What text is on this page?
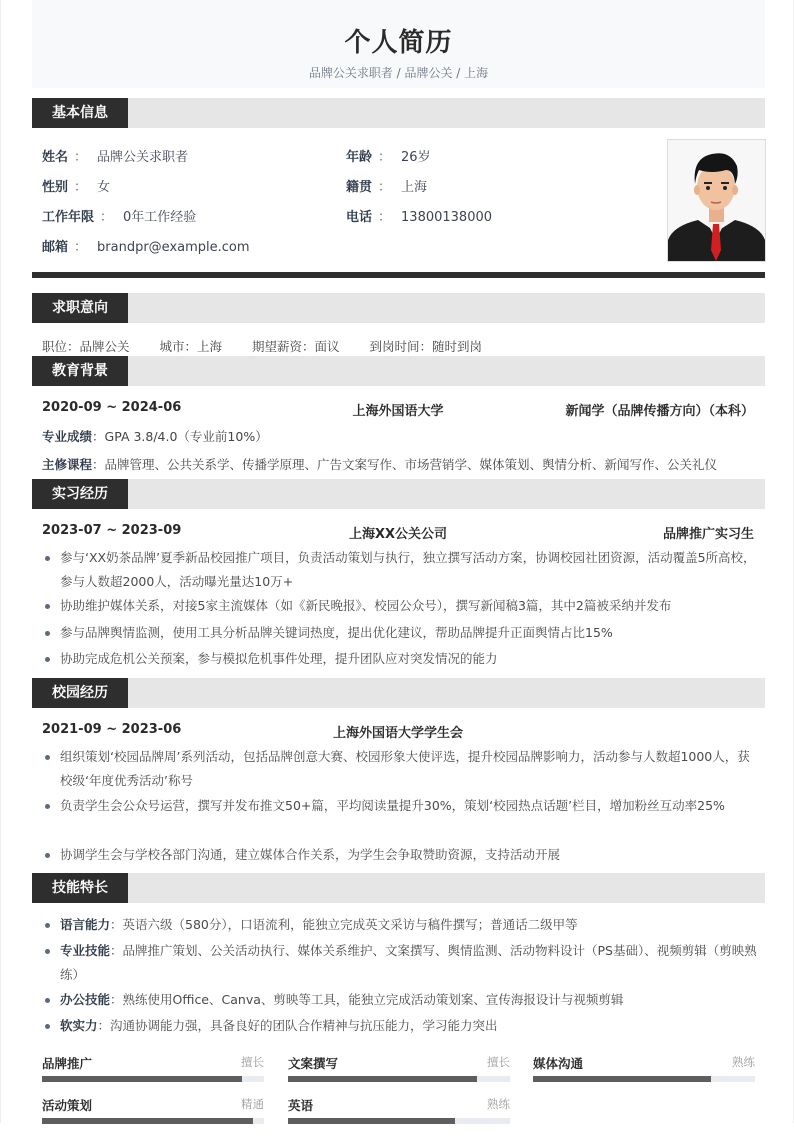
个人简历
品牌公关求职者 / 品牌公关 / 上海
基本信息
姓名 ： 品牌公关求职者
性别 ： 女
工作年限 ： 0年工作经验
邮箱 ： brandpr@example.com
年龄 ： 26岁
籍贯 ： 上海
电话 ： 13800138000
求职意向
职位：品牌公关 城市：上海 期望薪资：面议 到岗时间：随时到岗
教育背景
2020-09 ~ 2024-06	上海外国语大学	新闻学（品牌传播方向）（本科）
专业成绩：GPA 3.8/4.0（专业前10%）
主修课程：品牌管理、公共关系学、传播学原理、广告文案写作、市场营销学、媒体策划、舆情分析、新闻写作、公关礼仪
实习经历
2023-07 ~ 2023-09	上海XX公关公司	品牌推广实习生
参与‘XX奶茶品牌’夏季新品校园推广项目，负责活动策划与执行，独立撰写活动方案，协调校园社团资源，活动覆盖5所高校，参与人数超2000人，活动曝光量达10万+
协助维护媒体关系，对接5家主流媒体（如《新民晚报》、校园公众号），撰写新闻稿3篇，其中2篇被采纳并发布
参与品牌舆情监测，使用工具分析品牌关键词热度，提出优化建议，帮助品牌提升正面舆情占比15%
协助完成危机公关预案，参与模拟危机事件处理，提升团队应对突发情况的能力
校园经历
2021-09 ~ 2023-06	上海外国语大学学生会
组织策划‘校园品牌周’系列活动，包括品牌创意大赛、校园形象大使评选，提升校园品牌影响力，活动参与人数超1000人，获校级‘年度优秀活动’称号
负责学生会公众号运营，撰写并发布推文50+篇，平均阅读量提升30%，策划‘校园热点话题’栏目，增加粉丝互动率25%
协调学生会与学校各部门沟通，建立媒体合作关系，为学生会争取赞助资源，支持活动开展
技能特长
语言能力：英语六级（580分），口语流利，能独立完成英文采访与稿件撰写；普通话二级甲等
专业技能：品牌推广策划、公关活动执行、媒体关系维护、文案撰写、舆情监测、活动物料设计（PS基础）、视频剪辑（剪映熟练）
办公技能：熟练使用Office、Canva、剪映等工具，能独立完成活动策划案、宣传海报设计与视频剪辑
软实力：沟通协调能力强，具备良好的团队合作精神与抗压能力，学习能力突出
品牌推广	擅长 文案撰写	擅长 媒体沟通	熟练
活动策划	精通 英语	熟练
